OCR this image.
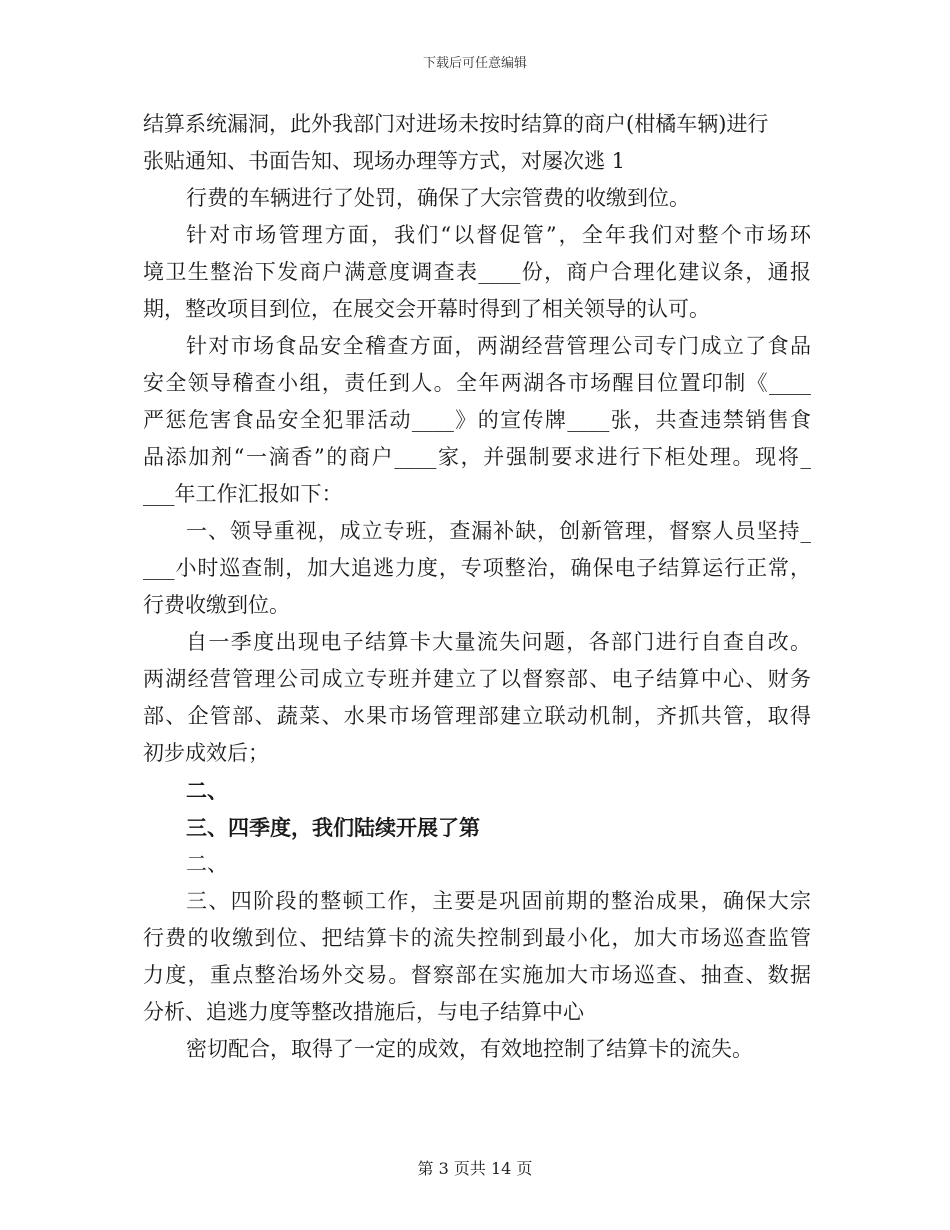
下载后可任意编辑
结算系统漏洞，此外我部门对进场未按时结算的商户(柑橘车辆)进行
张贴通知、书面告知、现场办理等方式，对屡次逃 1
行费的车辆进行了处罚，确保了大宗管费的收缴到位。
针对市场管理方面，我们“以督促管”，全年我们对整个市场环
境卫生整治下发商户满意度调查表____份，商户合理化建议条，通报
期，整改项目到位，在展交会开幕时得到了相关领导的认可。
针对市场食品安全稽查方面，两湖经营管理公司专门成立了食品
安全领导稽查小组，责任到人。全年两湖各市场醒目位置印制《____
严惩危害食品安全犯罪活动____》的宣传牌____张，共查违禁销售食
品添加剂“一滴香”的商户____家，并强制要求进行下柜处理。现将_
___年工作汇报如下：
一、领导重视，成立专班，查漏补缺，创新管理，督察人员坚持_
___小时巡查制，加大追逃力度，专项整治，确保电子结算运行正常，
行费收缴到位。
自一季度出现电子结算卡大量流失问题，各部门进行自查自改。
两湖经营管理公司成立专班并建立了以督察部、电子结算中心、财务
部、企管部、蔬菜、水果市场管理部建立联动机制，齐抓共管，取得
初步成效后；
二、
三、四季度，我们陆续开展了第
二、
三、四阶段的整顿工作，主要是巩固前期的整治成果，确保大宗
行费的收缴到位、把结算卡的流失控制到最小化，加大市场巡查监管
力度，重点整治场外交易。督察部在实施加大市场巡查、抽查、数据
分析、追逃力度等整改措施后，与电子结算中心
密切配合，取得了一定的成效，有效地控制了结算卡的流失。
第 3 页共 14 页
